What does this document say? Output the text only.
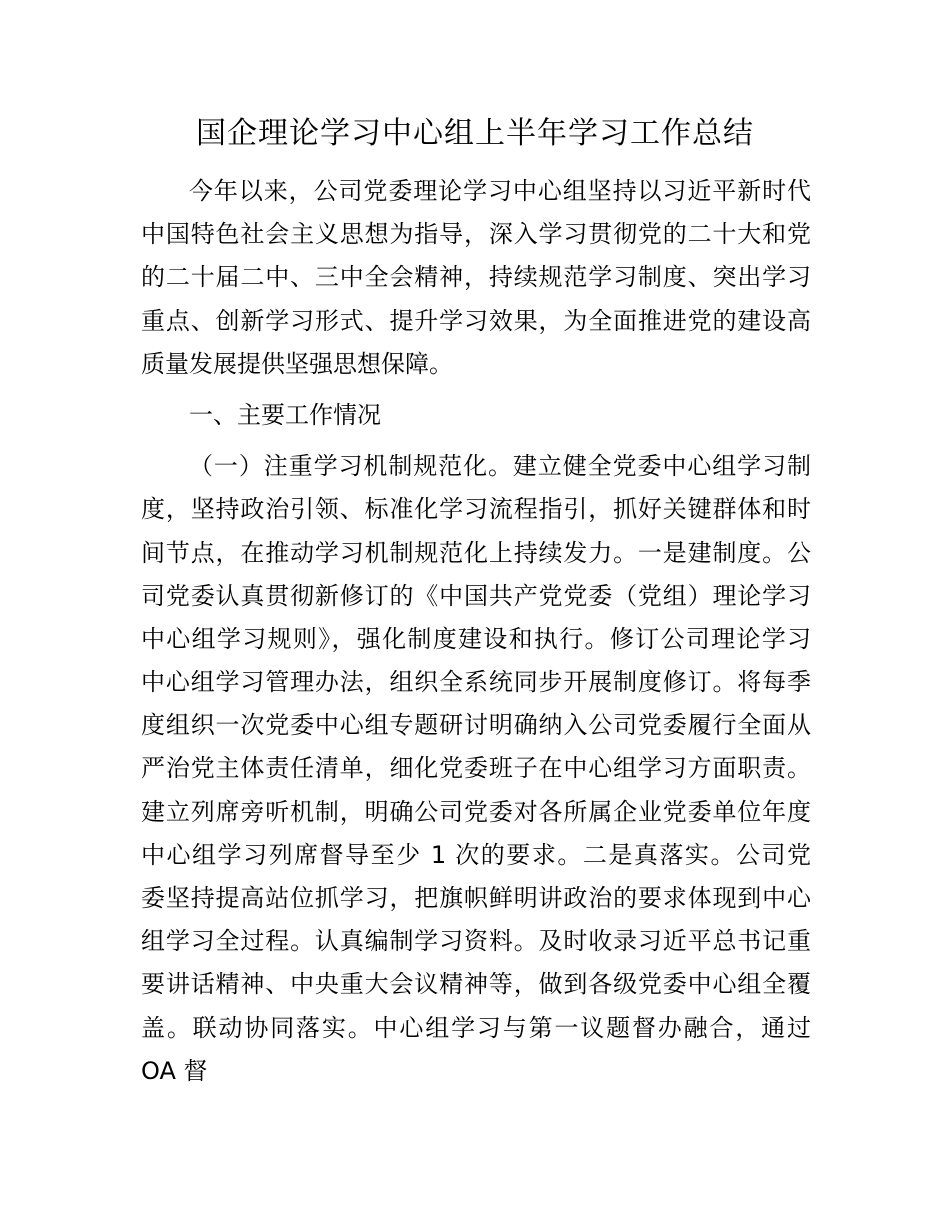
国企理论学习中心组上半年学习工作总结
今年以来，公司党委理论学习中心组坚持以习近平新时代
中国特色社会主义思想为指导，深入学习贯彻党的二十大和党
的二十届二中、三中全会精神，持续规范学习制度、突出学习
重点、创新学习形式、提升学习效果，为全面推进党的建设高
质量发展提供坚强思想保障。
一、主要工作情况
（一）注重学习机制规范化。建立健全党委中心组学习制
度，坚持政治引领、标准化学习流程指引，抓好关键群体和时
间节点，在推动学习机制规范化上持续发力。一是建制度。公
司党委认真贯彻新修订的《中国共产党党委（党组）理论学习
中心组学习规则》，强化制度建设和执行。修订公司理论学习
中心组学习管理办法，组织全系统同步开展制度修订。将每季
度组织一次党委中心组专题研讨明确纳入公司党委履行全面从
严治党主体责任清单，细化党委班子在中心组学习方面职责。
建立列席旁听机制，明确公司党委对各所属企业党委单位年度
中心组学习列席督导至少 1 次的要求。二是真落实。公司党
委坚持提高站位抓学习，把旗帜鲜明讲政治的要求体现到中心
组学习全过程。认真编制学习资料。及时收录习近平总书记重
要讲话精神、中央重大会议精神等，做到各级党委中心组全覆
盖。联动协同落实。中心组学习与第一议题督办融合，通过
OA 督
